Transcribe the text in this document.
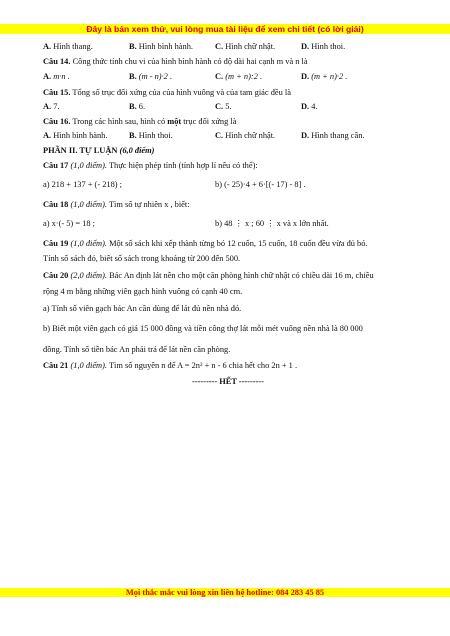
Đây là bản xem thử, vui lòng mua tài liệu để xem chi tiết (có lời giải)
A. Hình thang.	B. Hình bình hành.	C. Hình chữ nhật.	D. Hình thoi.
Câu 14. Công thức tính chu vi của hình bình hành có độ dài hai cạnh m và n là
A. m·n .	B. (m - n)·2 .	C. (m + n):2 .	D. (m + n)·2 .
Câu 15. Tổng số trục đối xứng của của hình vuông và của tam giác đều là
A. 7.	B. 6.	C. 5.	D. 4.
Câu 16. Trong các hình sau, hình có một trục đối xứng là
A. Hình bình hành.	B. Hình thoi.	C. Hình chữ nhật.	D. Hình thang cân.
PHẦN II. TỰ LUẬN (6,0 điểm)
Câu 17 (1,0 điểm). Thực hiện phép tính (tính hợp lí nếu có thể):
a) 218 + 137 + (- 218) ;	b) (- 25)·4 + 6·[(- 17) - 8] .
Câu 18 (1,0 điểm). Tìm số tự nhiên x , biết:
a) x·(- 5) = 18 ;	b) 48 ⋮ x ; 60 ⋮ x và x lớn nhất.
Câu 19 (1,0 điểm). Một số sách khi xếp thành từng bó 12 cuốn, 15 cuốn, 18 cuốn đều vừa đủ bó.
Tính số sách đó, biết số sách trong khoảng từ 200 đến 500.
Câu 20 (2,0 điểm). Bác An định lát nền cho một căn phòng hình chữ nhật có chiều dài 16 m, chiều
rộng 4 m bằng những viên gạch hình vuông có cạnh 40 cm.
a) Tính số viên gạch bác An cần dùng để lát đủ nền nhà đó.
b) Biết một viên gạch có giá 15 000 đồng và tiền công thợ lát mỗi mét vuông nền nhà là 80 000
đồng. Tính số tiền bác An phải trả để lát nền căn phòng.
Câu 21 (1,0 điểm). Tìm số nguyên n để A = 2n² + n - 6 chia hết cho 2n + 1 .
--------- HẾT ---------
Mọi thắc mắc vui lòng xin liên hệ hotline: 084 283 45 85
